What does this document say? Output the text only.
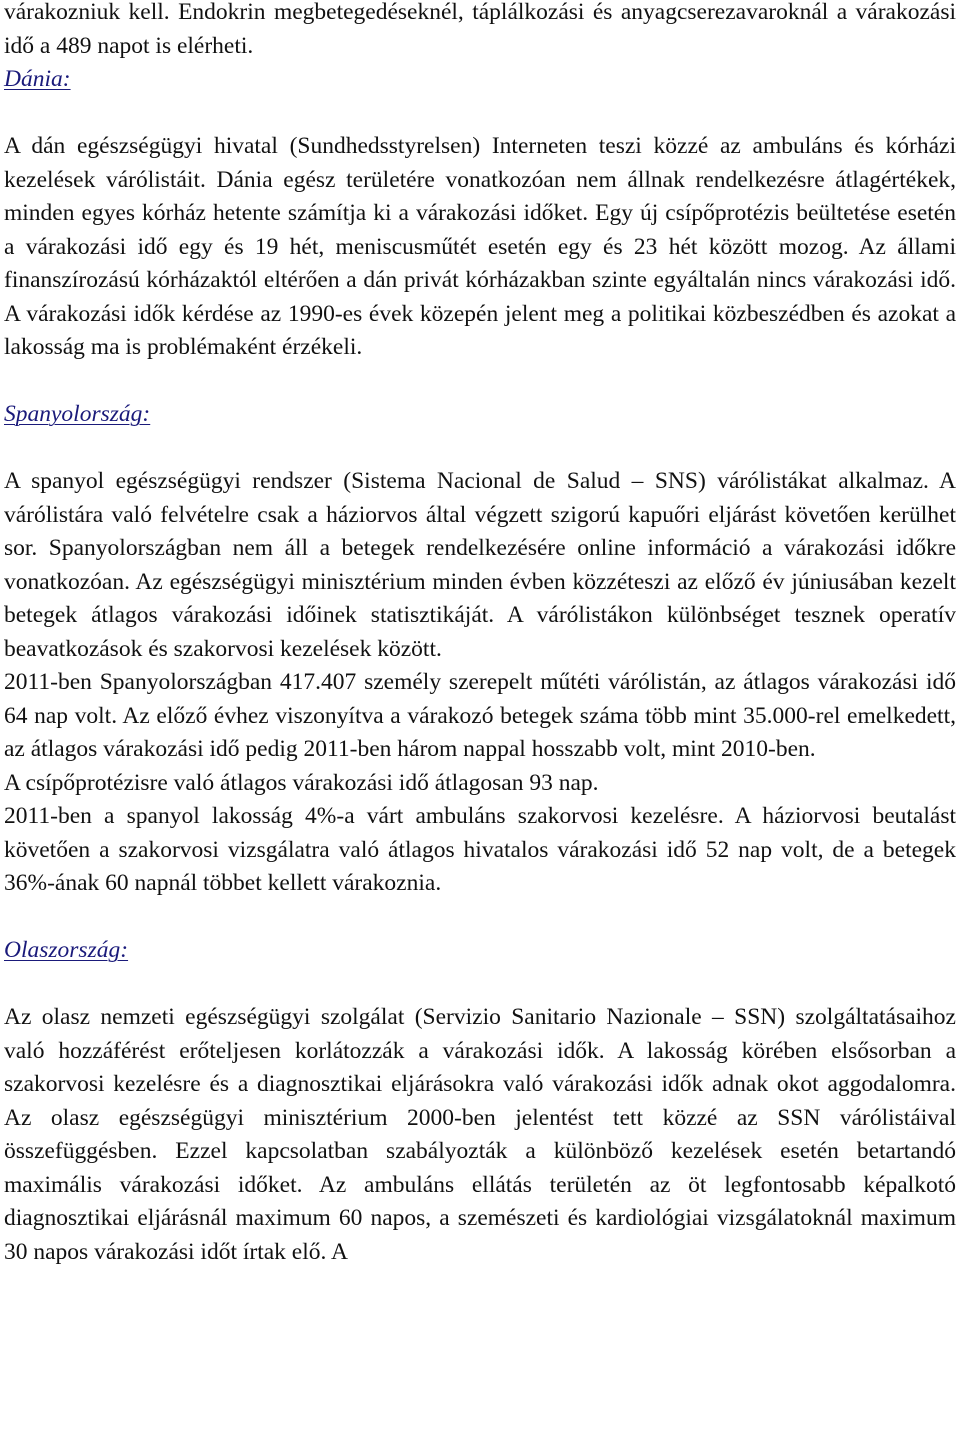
várakozniuk kell. Endokrin megbetegedéseknél, táplálkozási és anyagcserezavaroknál a várakozási idő a 489 napot is elérheti.

Dánia:

A dán egészségügyi hivatal (Sundhedsstyrelsen) Interneten teszi közzé az ambuláns és kórházi kezelések várólistáit. Dánia egész területére vonatkozóan nem állnak rendelkezésre átlagértékek, minden egyes kórház hetente számítja ki a várakozási időket. Egy új csípőprotézis beültetése esetén a várakozási idő egy és 19 hét, meniscusműtét esetén egy és 23 hét között mozog. Az állami finanszírozású kórházaktól eltérően a dán privát kórházakban szinte egyáltalán nincs várakozási idő. A várakozási idők kérdése az 1990-es évek közepén jelent meg a politikai közbeszédben és azokat a lakosság ma is problémaként érzékeli.

Spanyolország:

A spanyol egészségügyi rendszer (Sistema Nacional de Salud – SNS) várólistákat alkalmaz. A várólistára való felvételre csak a háziorvos által végzett szigorú kapuőri eljárást követően kerülhet sor. Spanyolországban nem áll a betegek rendelkezésére online információ a várakozási időkre vonatkozóan. Az egészségügyi minisztérium minden évben közzéteszi az előző év júniusában kezelt betegek átlagos várakozási időinek statisztikáját. A várólistákon különbséget tesznek operatív beavatkozások és szakorvosi kezelések között.

2011-ben Spanyolországban 417.407 személy szerepelt műtéti várólistán, az átlagos várakozási idő 64 nap volt. Az előző évhez viszonyítva a várakozó betegek száma több mint 35.000-rel emelkedett, az átlagos várakozási idő pedig 2011-ben három nappal hosszabb volt, mint 2010-ben.

A csípőprotézisre való átlagos várakozási idő átlagosan 93 nap.

2011-ben a spanyol lakosság 4%-a várt ambuláns szakorvosi kezelésre. A háziorvosi beutalást követően a szakorvosi vizsgálatra való átlagos hivatalos várakozási idő 52 nap volt, de a betegek 36%-ának 60 napnál többet kellett várakoznia.

Olaszország:

Az olasz nemzeti egészségügyi szolgálat (Servizio Sanitario Nazionale – SSN) szolgáltatásaihoz való hozzáférést erőteljesen korlátozzák a várakozási idők. A lakosság körében elsősorban a szakorvosi kezelésre és a diagnosztikai eljárásokra való várakozási idők adnak okot aggodalomra. Az olasz egészségügyi minisztérium 2000-ben jelentést tett közzé az SSN várólistáival összefüggésben. Ezzel kapcsolatban szabályozták a különböző kezelések esetén betartandó maximális várakozási időket. Az ambuláns ellátás területén az öt legfontosabb képalkotó diagnosztikai eljárásnál maximum 60 napos, a szemészeti és kardiológiai vizsgálatoknál maximum 30 napos várakozási időt írtak elő. A
